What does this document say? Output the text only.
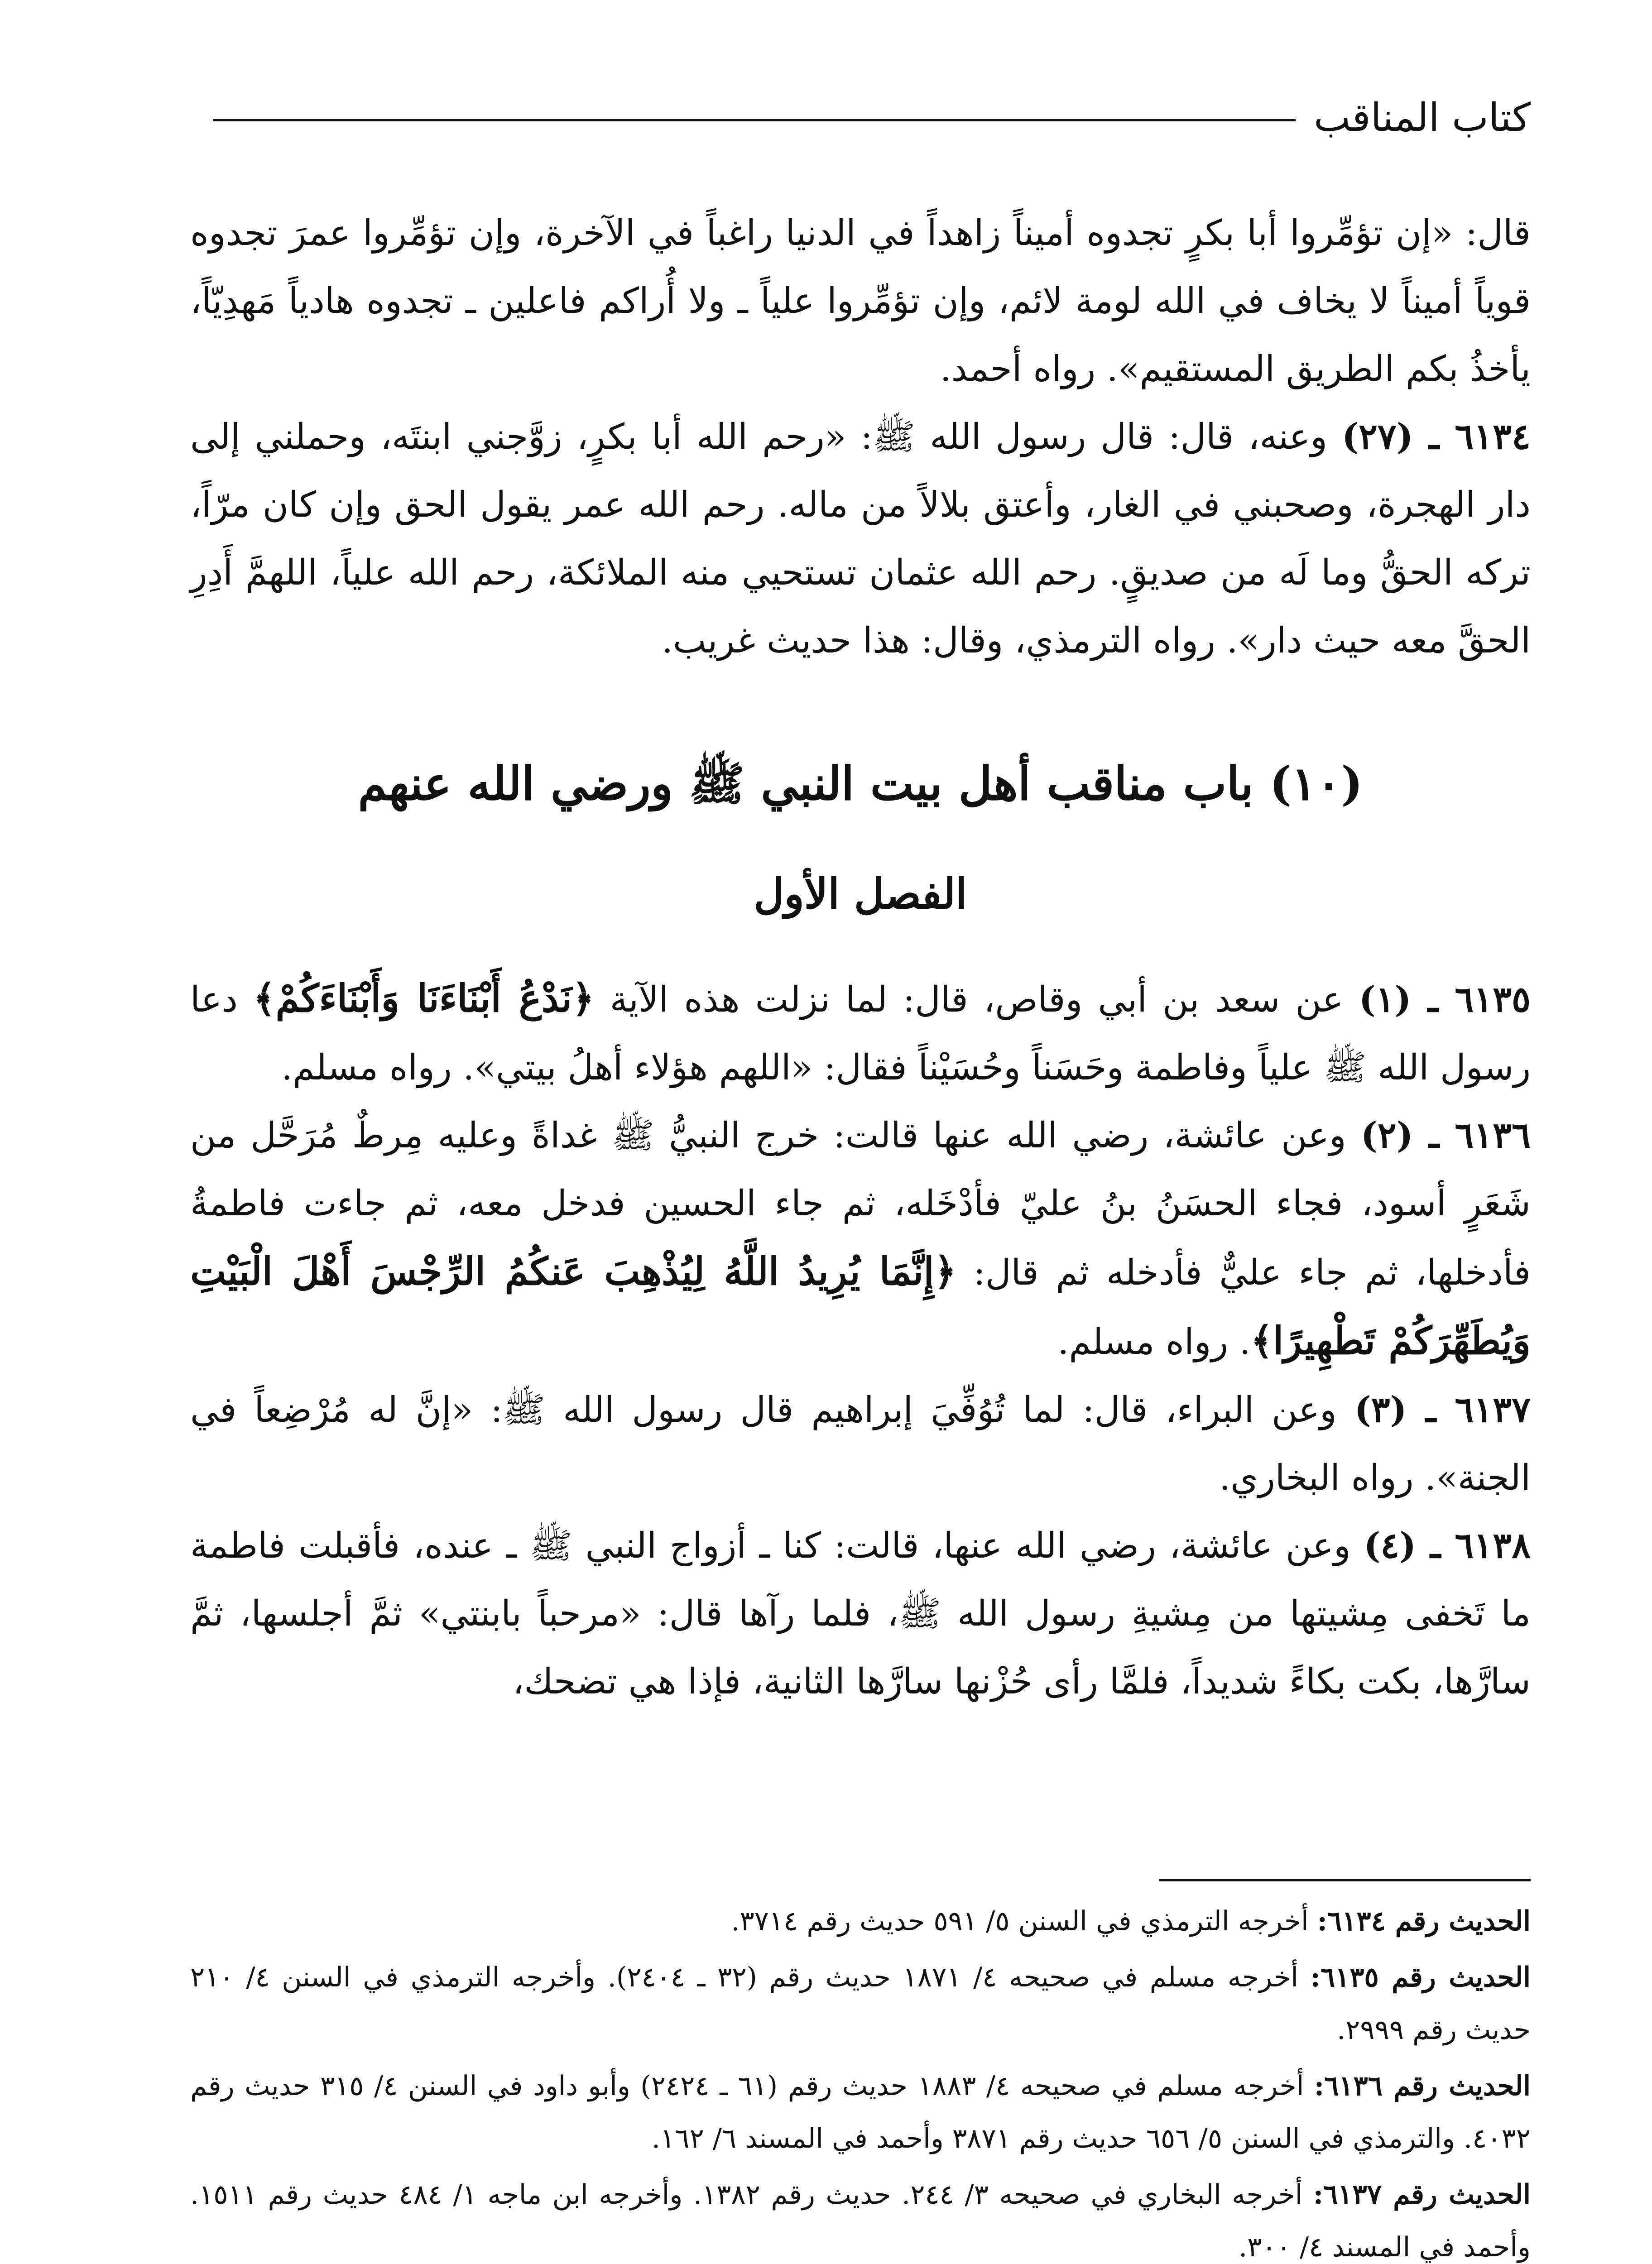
كتاب المناقب

قال: «إن تؤمِّروا أبا بكرٍ تجدوه أميناً زاهداً في الدنيا راغباً في الآخرة، وإن تؤمِّروا عمرَ تجدوه قوياً أميناً لا يخاف في الله لومة لائم، وإن تؤمِّروا علياً ـ ولا أُراكم فاعلين ـ تجدوه هادياً مَهدِيّاً، يأخذُ بكم الطريق المستقيم». رواه أحمد.

٦١٣٤ ـ (٢٧) وعنه، قال: قال رسول الله ﷺ: «رحم الله أبا بكرٍ، زوَّجني ابنتَه، وحملني إلى دار الهجرة، وصحبني في الغار، وأعتق بلالاً من ماله. رحم الله عمر يقول الحق وإن كان مرّاً، تركه الحقُّ وما لَه من صديقٍ. رحم الله عثمان تستحيي منه الملائكة، رحم الله علياً، اللهمَّ أَدِرِ الحقَّ معه حيث دار». رواه الترمذي، وقال: هذا حديث غريب.

(١٠) باب مناقب أهل بيت النبي ﷺ ورضي الله عنهم
الفصل الأول

٦١٣٥ ـ (١) عن سعد بن أبي وقاص، قال: لما نزلت هذه الآية ﴿نَدْعُ أَبْنَاءَنَا وَأَبْنَاءَكُمْ﴾ دعا رسول الله ﷺ علياً وفاطمة وحَسَناً وحُسَيْناً فقال: «اللهم هؤلاء أهلُ بيتي». رواه مسلم.

٦١٣٦ ـ (٢) وعن عائشة، رضي الله عنها قالت: خرج النبيُّ ﷺ غداةً وعليه مِرطٌ مُرَحَّل من شَعَرٍ أسود، فجاء الحسَنُ بنُ عليّ فأدْخَله، ثم جاء الحسين فدخل معه، ثم جاءت فاطمةُ فأدخلها، ثم جاء عليٌّ فأدخله ثم قال: ﴿إِنَّمَا يُرِيدُ اللَّهُ لِيُذْهِبَ عَنكُمُ الرِّجْسَ أَهْلَ الْبَيْتِ وَيُطَهِّرَكُمْ تَطْهِيرًا﴾. رواه مسلم.

٦١٣٧ ـ (٣) وعن البراء، قال: لما تُوُفِّيَ إبراهيم قال رسول الله ﷺ: «إنَّ له مُرْضِعاً في الجنة». رواه البخاري.

٦١٣٨ ـ (٤) وعن عائشة، رضي الله عنها، قالت: كنا ـ أزواج النبي ﷺ ـ عنده، فأقبلت فاطمة ما تَخفى مِشيتها من مِشيةِ رسول الله ﷺ، فلما رآها قال: «مرحباً بابنتي» ثمَّ أجلسها، ثمَّ سارَّها، بكت بكاءً شديداً، فلمَّا رأى حُزْنها سارَّها الثانية، فإذا هي تضحك،

الحديث رقم ٦١٣٤: أخرجه الترمذي في السنن ٥/ ٥٩١ حديث رقم ٣٧١٤.

الحديث رقم ٦١٣٥: أخرجه مسلم في صحيحه ٤/ ١٨٧١ حديث رقم (٣٢ ـ ٢٤٠٤). وأخرجه الترمذي في السنن ٤/ ٢١٠ حديث رقم ٢٩٩٩.

الحديث رقم ٦١٣٦: أخرجه مسلم في صحيحه ٤/ ١٨٨٣ حديث رقم (٦١ ـ ٢٤٢٤) وأبو داود في السنن ٤/ ٣١٥ حديث رقم ٤٠٣٢. والترمذي في السنن ٥/ ٦٥٦ حديث رقم ٣٨٧١ وأحمد في المسند ٦/ ١٦٢.

الحديث رقم ٦١٣٧: أخرجه البخاري في صحيحه ٣/ ٢٤٤. حديث رقم ١٣٨٢. وأخرجه ابن ماجه ١/ ٤٨٤ حديث رقم ١٥١١. وأحمد في المسند ٤/ ٣٠٠.
